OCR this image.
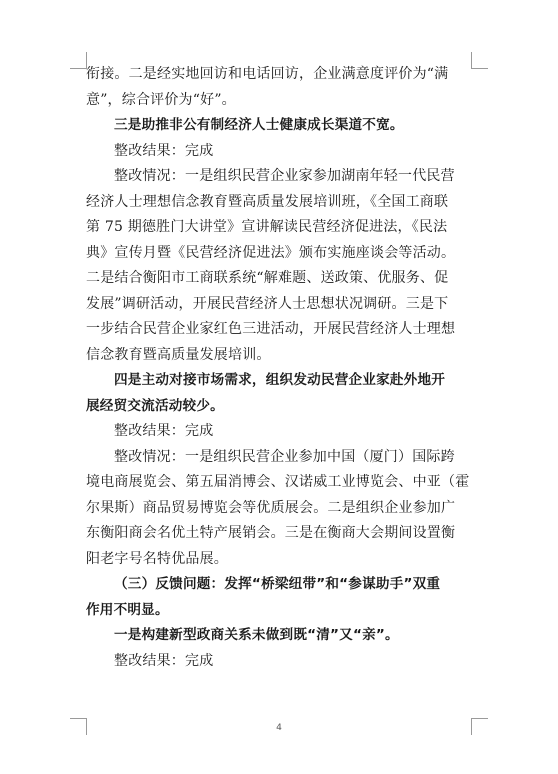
衔接。二是经实地回访和电话回访，企业满意度评价为“满
意”，综合评价为“好”。
三是助推非公有制经济人士健康成长渠道不宽。
整改结果：完成
整改情况：一是组织民营企业家参加湖南年轻一代民营
经济人士理想信念教育暨高质量发展培训班，《全国工商联
第 75 期德胜门大讲堂》宣讲解读民营经济促进法，《民法
典》宣传月暨《民营经济促进法》颁布实施座谈会等活动。
二是结合衡阳市工商联系统“解难题、送政策、优服务、促
发展”调研活动，开展民营经济人士思想状况调研。三是下
一步结合民营企业家红色三进活动，开展民营经济人士理想
信念教育暨高质量发展培训。
四是主动对接市场需求，组织发动民营企业家赴外地开
展经贸交流活动较少。
整改结果：完成
整改情况：一是组织民营企业参加中国（厦门）国际跨
境电商展览会、第五届消博会、汉诺威工业博览会、中亚（霍
尔果斯）商品贸易博览会等优质展会。二是组织企业参加广
东衡阳商会名优土特产展销会。三是在衡商大会期间设置衡
阳老字号名特优品展。
（三）反馈问题：发挥“桥梁纽带”和“参谋助手”双重
作用不明显。
一是构建新型政商关系未做到既“清”又“亲”。
整改结果：完成
4
